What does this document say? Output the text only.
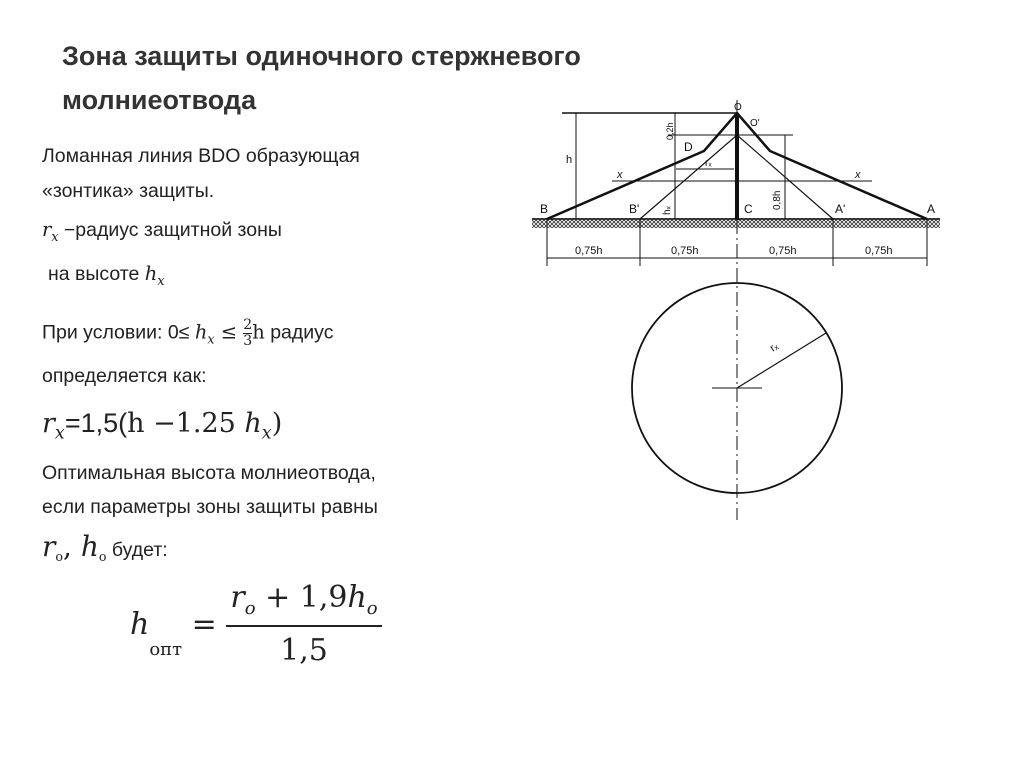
Зона защиты одиночного стержневого
молниеотвода
Ломанная линия BDO образующая
«зонтика» защиты.
$r_x$ −радиус защитной зоны
на высоте $h_x$
При условии: $0\le h_x \le \frac{2}{3}$ h радиус
определяется как:
$r_x=1,5(h -1.25$ $h_x$)
Оптимальная высота молниеотвода,
если параметры зоны защиты равны
$r_o$, $h_o$ будет:
h
$_{опт}$
= $\frac{r_o + 1,9h_o}{1,5}$
B	B'	C	A'	A
D
O
O'
h
x	x
rₓ
hₓ
0,8h
0,2h
0,75h	0,75h	0,75h	0,75h
rₓ
